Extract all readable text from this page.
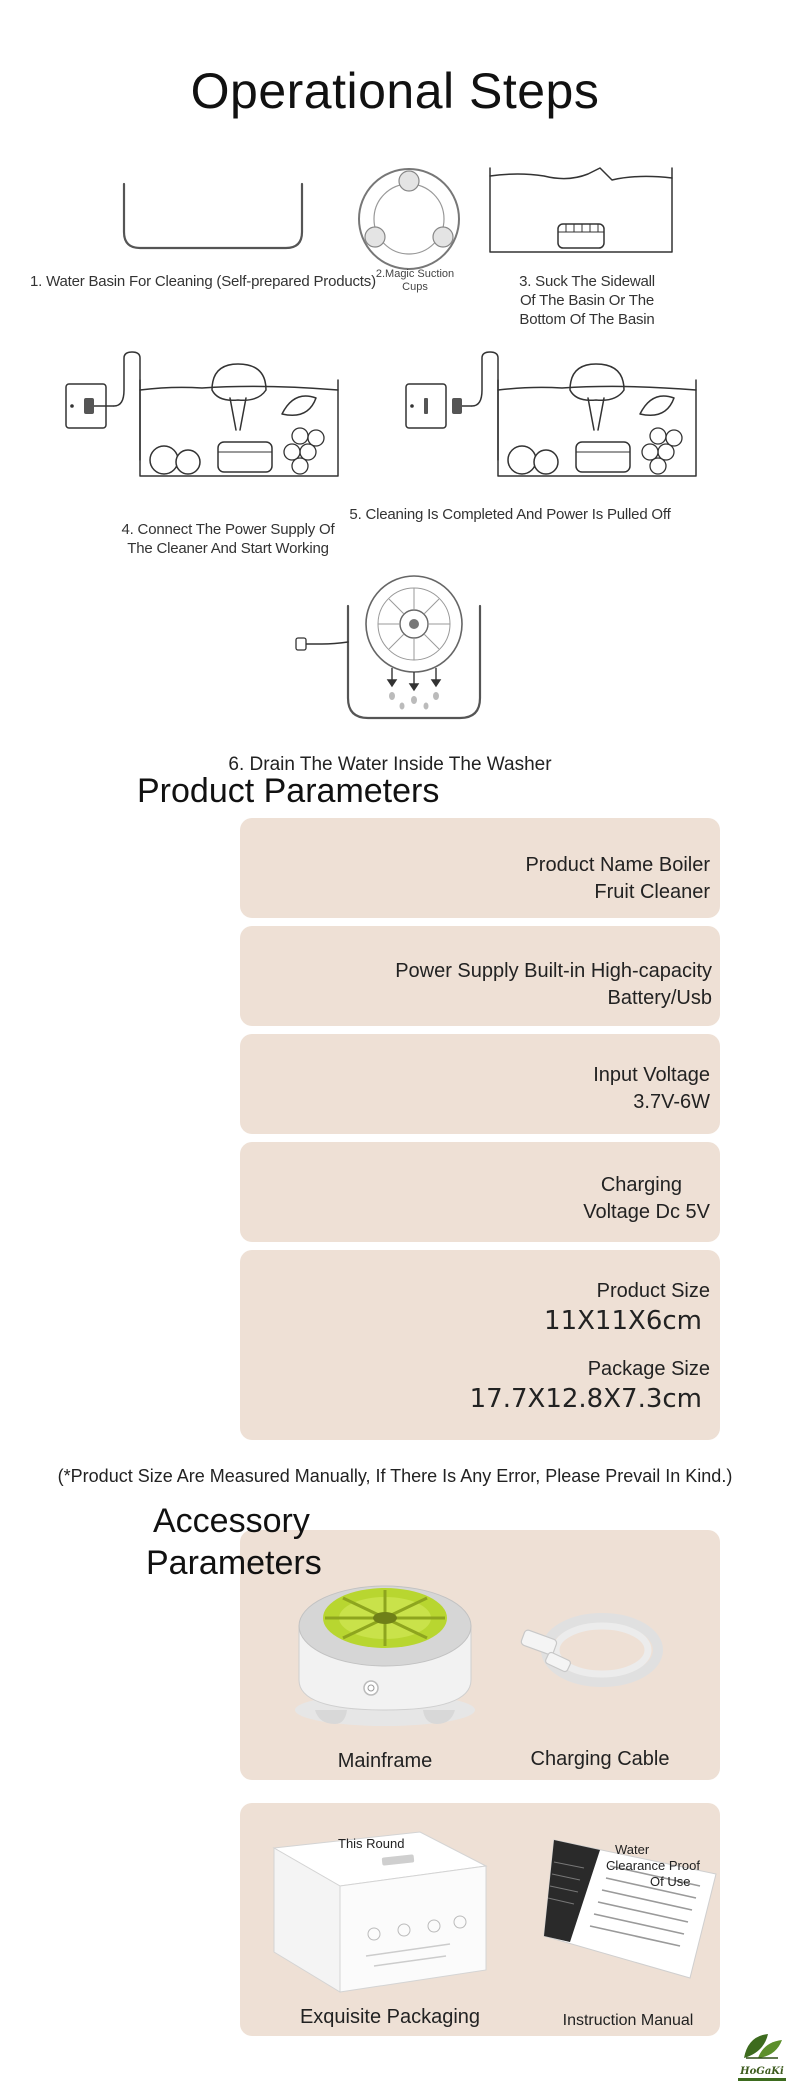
Operational Steps
1. Water Basin For Cleaning (Self-prepared Products) 2.Magic Suction Cups	3. Suck The Sidewall Of The Basin Or The Bottom Of The Basin
4. Connect The Power Supply Of The Cleaner And Start Working
5. Cleaning Is Completed And Power Is Pulled Off
6. Drain The Water Inside The Washer
Product Parameters
Product Name Boiler
Fruit Cleaner
Power Supply Built-in High-capacity
Battery/Usb
Input Voltage
3.7V-6W
Charging
Voltage Dc 5V
Product Size
11X11X6cm
Package Size
17.7X12.8X7.3cm
(*Product Size Are Measured Manually, If There Is Any Error, Please Prevail In Kind.)
Accessory
Parameters
Mainframe	Charging Cable
This Round	Water
Clearance Proof
Of Use
Exquisite Packaging	Instruction Manual
HoGaKi
